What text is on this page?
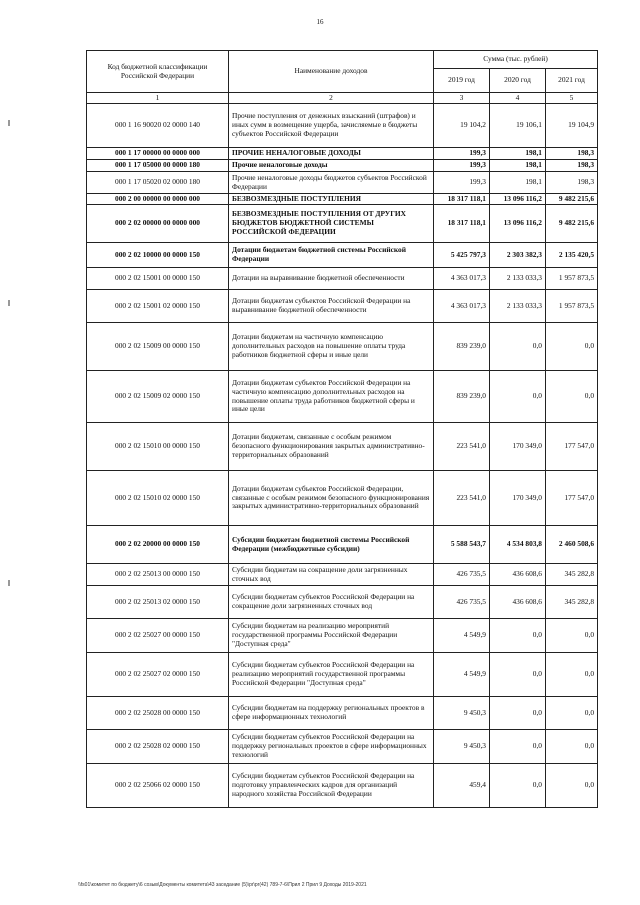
16
Код бюджетной классификации Российской Федерации	Наименование доходов	Сумма (тыс. рублей)		
		2019 год	2020 год	2021 год
1	2	3	4	5
000 1 16 90020 02 0000 140	Прочие поступления от денежных взысканий (штрафов) и иных сумм в возмещение ущерба, зачисляемые в бюджеты субъектов Российской Федерации	19 104,2	19 106,1	19 104,9
000 1 17 00000 00 0000 000	ПРОЧИЕ НЕНАЛОГОВЫЕ ДОХОДЫ	199,3	198,1	198,3
000 1 17 05000 00 0000 180	Прочие неналоговые доходы	199,3	198,1	198,3
000 1 17 05020 02 0000 180	Прочие неналоговые доходы бюджетов субъектов Российской Федерации	199,3	198,1	198,3
000 2 00 00000 00 0000 000	БЕЗВОЗМЕЗДНЫЕ ПОСТУПЛЕНИЯ	18 317 118,1	13 096 116,2	9 482 215,6
000 2 02 00000 00 0000 000	БЕЗВОЗМЕЗДНЫЕ ПОСТУПЛЕНИЯ ОТ ДРУГИХ БЮДЖЕТОВ БЮДЖЕТНОЙ СИСТЕМЫ РОССИЙСКОЙ ФЕДЕРАЦИИ	18 317 118,1	13 096 116,2	9 482 215,6
000 2 02 10000 00 0000 150	Дотации бюджетам бюджетной системы Российской Федерации	5 425 797,3	2 303 382,3	2 135 420,5
000 2 02 15001 00 0000 150	Дотации на выравнивание бюджетной обеспеченности	4 363 017,3	2 133 033,3	1 957 873,5
000 2 02 15001 02 0000 150	Дотации бюджетам субъектов Российской Федерации на выравнивание бюджетной обеспеченности	4 363 017,3	2 133 033,3	1 957 873,5
000 2 02 15009 00 0000 150	Дотации бюджетам на частичную компенсацию дополнительных расходов на повышение оплаты труда работников бюджетной сферы и иные цели	839 239,0	0,0	0,0
000 2 02 15009 02 0000 150	Дотации бюджетам субъектов Российской Федерации на частичную компенсацию дополнительных расходов на повышение оплаты труда работников бюджетной сферы и иные цели	839 239,0	0,0	0,0
000 2 02 15010 00 0000 150	Дотации бюджетам, связанные с особым режимом безопасного функционирования закрытых административно-территориальных образований	223 541,0	170 349,0	177 547,0
000 2 02 15010 02 0000 150	Дотации бюджетам субъектов Российской Федерации, связанные с особым режимом безопасного функционирования закрытых административно-территориальных образований	223 541,0	170 349,0	177 547,0
000 2 02 20000 00 0000 150	Субсидии бюджетам бюджетной системы Российской Федерации (межбюджетные субсидии)	5 588 543,7	4 534 803,8	2 460 508,6
000 2 02 25013 00 0000 150	Субсидии бюджетам на сокращение доли загрязненных сточных вод	426 735,5	436 608,6	345 282,8
000 2 02 25013 02 0000 150	Субсидии бюджетам субъектов Российской Федерации на сокращение доли загрязненных сточных вод	426 735,5	436 608,6	345 282,8
000 2 02 25027 00 0000 150	Субсидии бюджетам на реализацию мероприятий государственной программы Российской Федерации "Доступная среда"	4 549,9	0,0	0,0
000 2 02 25027 02 0000 150	Субсидии бюджетам субъектов Российской Федерации на реализацию мероприятий государственной программы Российской Федерации "Доступная среда"	4 549,9	0,0	0,0
000 2 02 25028 00 0000 150	Субсидии бюджетам на поддержку региональных проектов в сфере информационных технологий	9 450,3	0,0	0,0
000 2 02 25028 02 0000 150	Субсидии бюджетам субъектов Российской Федерации на поддержку региональных проектов в сфере информационных технологий	9 450,3	0,0	0,0
000 2 02 25066 02 0000 150	Субсидии бюджетам субъектов Российской Федерации на подготовку управленческих кадров для организаций народного хозяйства Российской Федерации	459,4	0,0	0,0
\\fs01\комитет по бюджету\6 созыв\Документы комитета\43 заседание (5)\pr\pr(42) 789-7-6\Прил 2 Прил 9 Доходы 2019-2021
